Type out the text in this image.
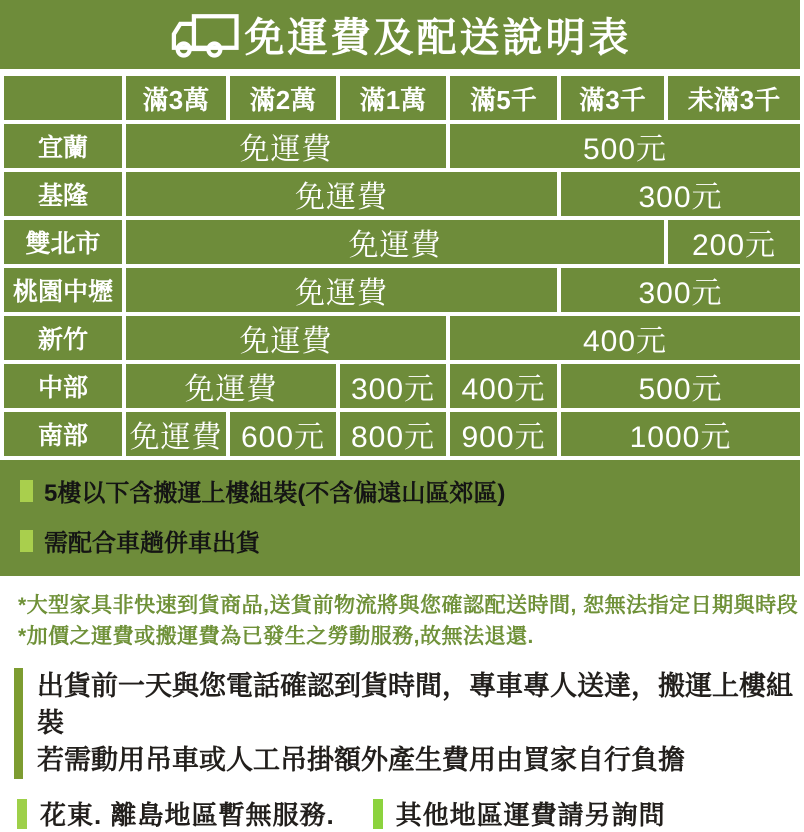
免運費及配送說明表
	滿3萬	滿2萬	滿1萬	滿5千	滿3千	未滿3千
宜蘭	免運費			500元		
基隆	免運費				300元	
雙北市	免運費					200元
桃園中壢	免運費				300元	
新竹	免運費			400元		
中部	免運費		300元	400元	500元	
南部	免運費	600元	800元	900元	1000元	
5樓以下含搬運上樓組裝(不含偏遠山區郊區)
需配合車趟併車出貨
*大型家具非快速到貨商品,送貨前物流將與您確認配送時間, 恕無法指定日期與時段
*加價之運費或搬運費為已發生之勞動服務,故無法退還.
出貨前一天與您電話確認到貨時間，專車專人送達，搬運上樓組裝
若需動用吊車或人工吊掛額外產生費用由買家自行負擔
花東. 離島地區暫無服務. 其他地區運費請另詢問
